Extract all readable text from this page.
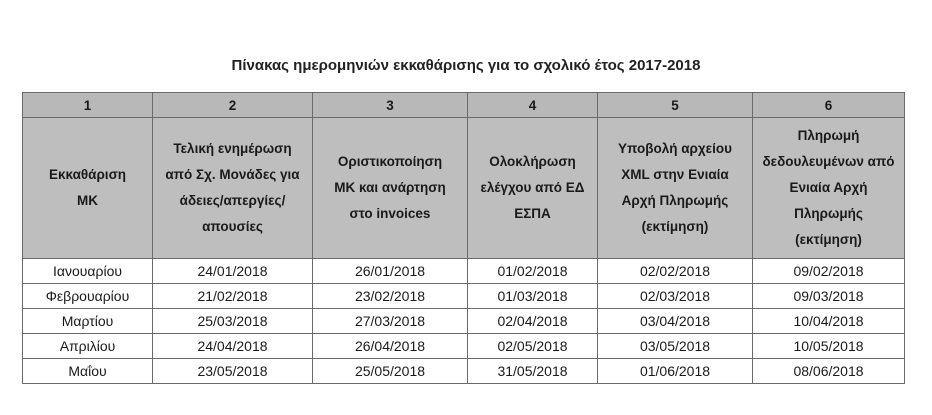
Πίνακας ημερομηνιών εκκαθάρισης για το σχολικό έτος 2017-2018
1	2	3	4	5	6
Εκκαθάριση ΜΚ	Τελική ενημέρωση από Σχ. Μονάδες για άδειες/απεργίες/ απουσίες	Οριστικοποίηση ΜΚ και ανάρτηση στο invoices	Ολοκλήρωση ελέγχου από ΕΔ ΕΣΠΑ	Υποβολή αρχείου XML στην Ενιαία Αρχή Πληρωμής (εκτίμηση)	Πληρωμή δεδουλευμένων από Ενιαία Αρχή Πληρωμής (εκτίμηση)
Ιανουαρίου	24/01/2018	26/01/2018	01/02/2018	02/02/2018	09/02/2018
Φεβρουαρίου	21/02/2018	23/02/2018	01/03/2018	02/03/2018	09/03/2018
Μαρτίου	25/03/2018	27/03/2018	02/04/2018	03/04/2018	10/04/2018
Απριλίου	24/04/2018	26/04/2018	02/05/2018	03/05/2018	10/05/2018
Μαΐου	23/05/2018	25/05/2018	31/05/2018	01/06/2018	08/06/2018
